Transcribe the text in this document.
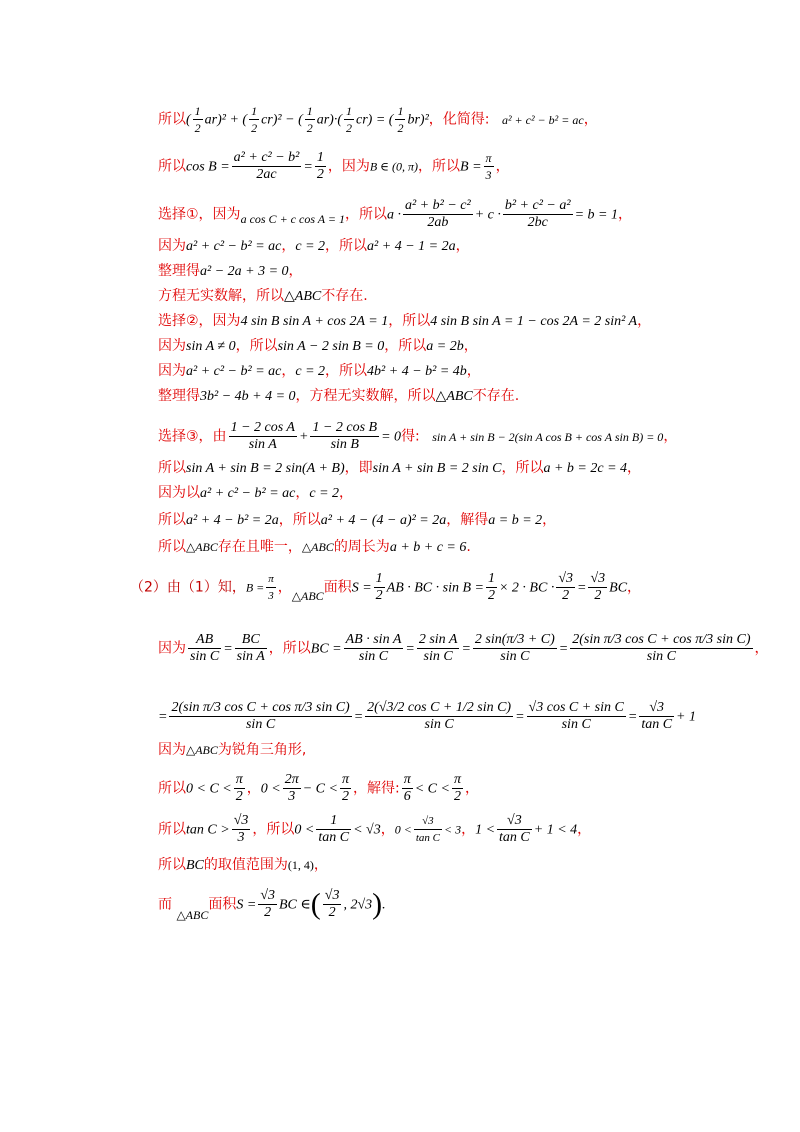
所以( $\frac{1}{2} ar)^2$ + ( $\frac{1}{2} cr)^2$ − ( $\frac{1}{2} ar)\cdot( \frac{1}{2} cr)$ = ( $\frac{1}{2} br)^2$，化简得: a² + c² − b² = ac，
所以$\cos B = \frac{\text{a² + c² − b²}}{2ac} = \frac{1}{2}$ ，因为B ∈ (0, π)，所以$B = \frac{\pi}{3}$ ，
选择①，因为a cos C + c cos A = 1，所以$a \cdot \frac{\text{a² + b² − c²}}{2ab} + c \cdot \frac{\text{b² + c² − a²}}{2bc} = b = 1$，
因为a² + c² − b² = ac，c = 2，所以a² + 4 − 1 = 2a，
整理得a² − 2a + 3 = 0，
方程无实数解，所以△ABC不存在.
选择②，因为4 sin B sin A + cos 2A = 1，所以4 sin B sin A = 1 − cos 2A = 2 sin² A，
因为sin A ≠ 0，所以sin A − 2 sin B = 0，所以a = 2b，
因为a² + c² − b² = ac，c = 2，所以4b² + 4 − b² = 4b，
整理得3b² − 4b + 4 = 0，方程无实数解，所以△ABC不存在.
选择③，由 $\frac{\text{1 − 2 cos A}}{\text{sin A}} + \frac{\text{1 − 2 cos B}}{\text{sin B}} = 0$得: sin A + sin B − 2(sin A cos B + cos A sin B) = 0，
所以sin A + sin B = 2 sin(A + B)，即sin A + sin B = 2 sin C，所以a + b = 2c = 4，
因为以a² + c² − b² = ac，c = 2，
所以a² + 4 − b² = 2a，所以a² + 4 − (4 − a)² = 2a，解得a = b = 2，
所以△ABC存在且唯一，△ABC的周长为a + b + c = 6.
（2）由（1）知，$B = \frac{\pi}{3}$ ，△ABC面积$S = \frac{1}{2}$ AB · BC · $\sin B = \frac{1}{2} \times 2$ · BC · $\frac{√3}{2} = \frac{√3}{2}$ BC，
因为 $\frac{AB}{\text{sin C}} = \frac{BC}{\text{sin A}}$ ，所以BC = $\frac{\text{AB · sin A}}{\text{sin C}} = \frac{\text{2 sin A}}{\text{sin C}} = \frac{2 \sin(\pi/3 + C)}{\text{sin C}} = \frac{\text{2(sin π/3 cos C + cos π/3 sin C)}}{\text{sin C}}$ ，
= $\frac{\text{2(sin π/3 cos C + cos π/3 sin C)}}{\text{sin C}} = \frac{\text{2(√3/2 cos C + 1/2 sin C)}}{\text{sin C}} = \frac{\text{√3 cos C + sin C}}{\text{sin C}} = \frac{√3}{\text{tan C}} + 1$
因为△ABC为锐角三角形,
所以$0 < C < \frac{\pi}{2}$ ，$0 < \frac{2\pi}{3} - C < \frac{\pi}{2}$ ，解得: $\frac{\pi}{6} < C < \frac{\pi}{2}$ ，
所以$\tan C > \frac{√3}{3}$ ，所以$0 < \frac{1}{\text{tan C}} < √3$，$0 < \frac{√3}{\text{tan C}} < 3$，$1 < \frac{√3}{\text{tan C}} + 1 < 4$，
所以BC的取值范围为(1, 4)，
而 △ABC面积$S = \frac{√3}{2}$ BC ∈( $\frac{√3}{2}$ , 2√3).
